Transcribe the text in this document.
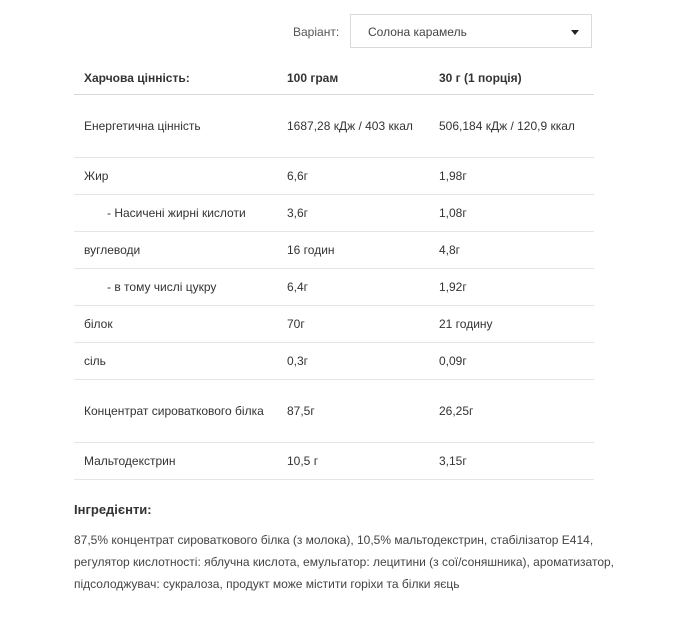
Варіант: Солона карамель
Харчова цінність:	100 грам	30 г (1 порція)
Енергетична цінність	1687,28 кДж / 403 ккал	506,184 кДж / 120,9 ккал
Жир	6,6г	1,98г
- Насичені жирні кислоти	3,6г	1,08г
вуглеводи	16 годин	4,8г
- в тому числі цукру	6,4г	1,92г
білок	70г	21 годину
сіль	0,3г	0,09г
Концентрат сироваткового білка	87,5г	26,25г
Мальтодекстрин	10,5 г	3,15г
Інгредієнти:

87,5% концентрат сироваткового білка (з молока), 10,5% мальтодекстрин, стабілізатор E414, регулятор кислотності: яблучна кислота, емульгатор: лецитини (з сої/соняшника), ароматизатор, підсолоджувач: сукралоза, продукт може містити горіхи та білки яєць
